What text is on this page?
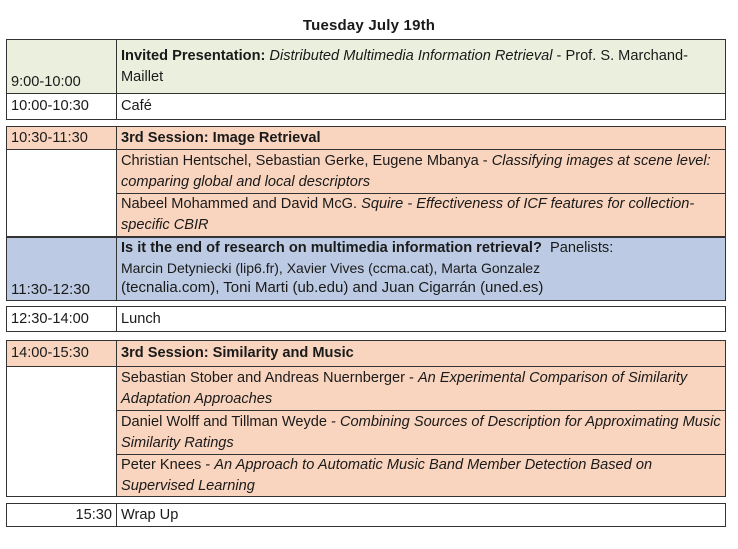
Tuesday July 19th
9:00-10:00
Invited Presentation: Distributed Multimedia Information Retrieval - Prof. S. Marchand-Maillet
10:00-10:30 Café
10:30-11:30 3rd Session: Image Retrieval
Christian Hentschel, Sebastian Gerke, Eugene Mbanya - Classifying images at scene level: comparing global and local descriptors
Nabeel Mohammed and David McG. Squire - Effectiveness of ICF features for collection-specific CBIR
11:30-12:30
Is it the end of research on multimedia information retrieval? Panelists:
Marcin Detyniecki (lip6.fr), Xavier Vives (ccma.cat), Marta Gonzalez
(tecnalia.com), Toni Marti (ub.edu) and Juan Cigarrán (uned.es)
12:30-14:00 Lunch
14:00-15:30 3rd Session: Similarity and Music
Sebastian Stober and Andreas Nuernberger - An Experimental Comparison of Similarity Adaptation Approaches
Daniel Wolff and Tillman Weyde - Combining Sources of Description for Approximating Music Similarity Ratings
Peter Knees - An Approach to Automatic Music Band Member Detection Based on Supervised Learning
15:30 Wrap Up
